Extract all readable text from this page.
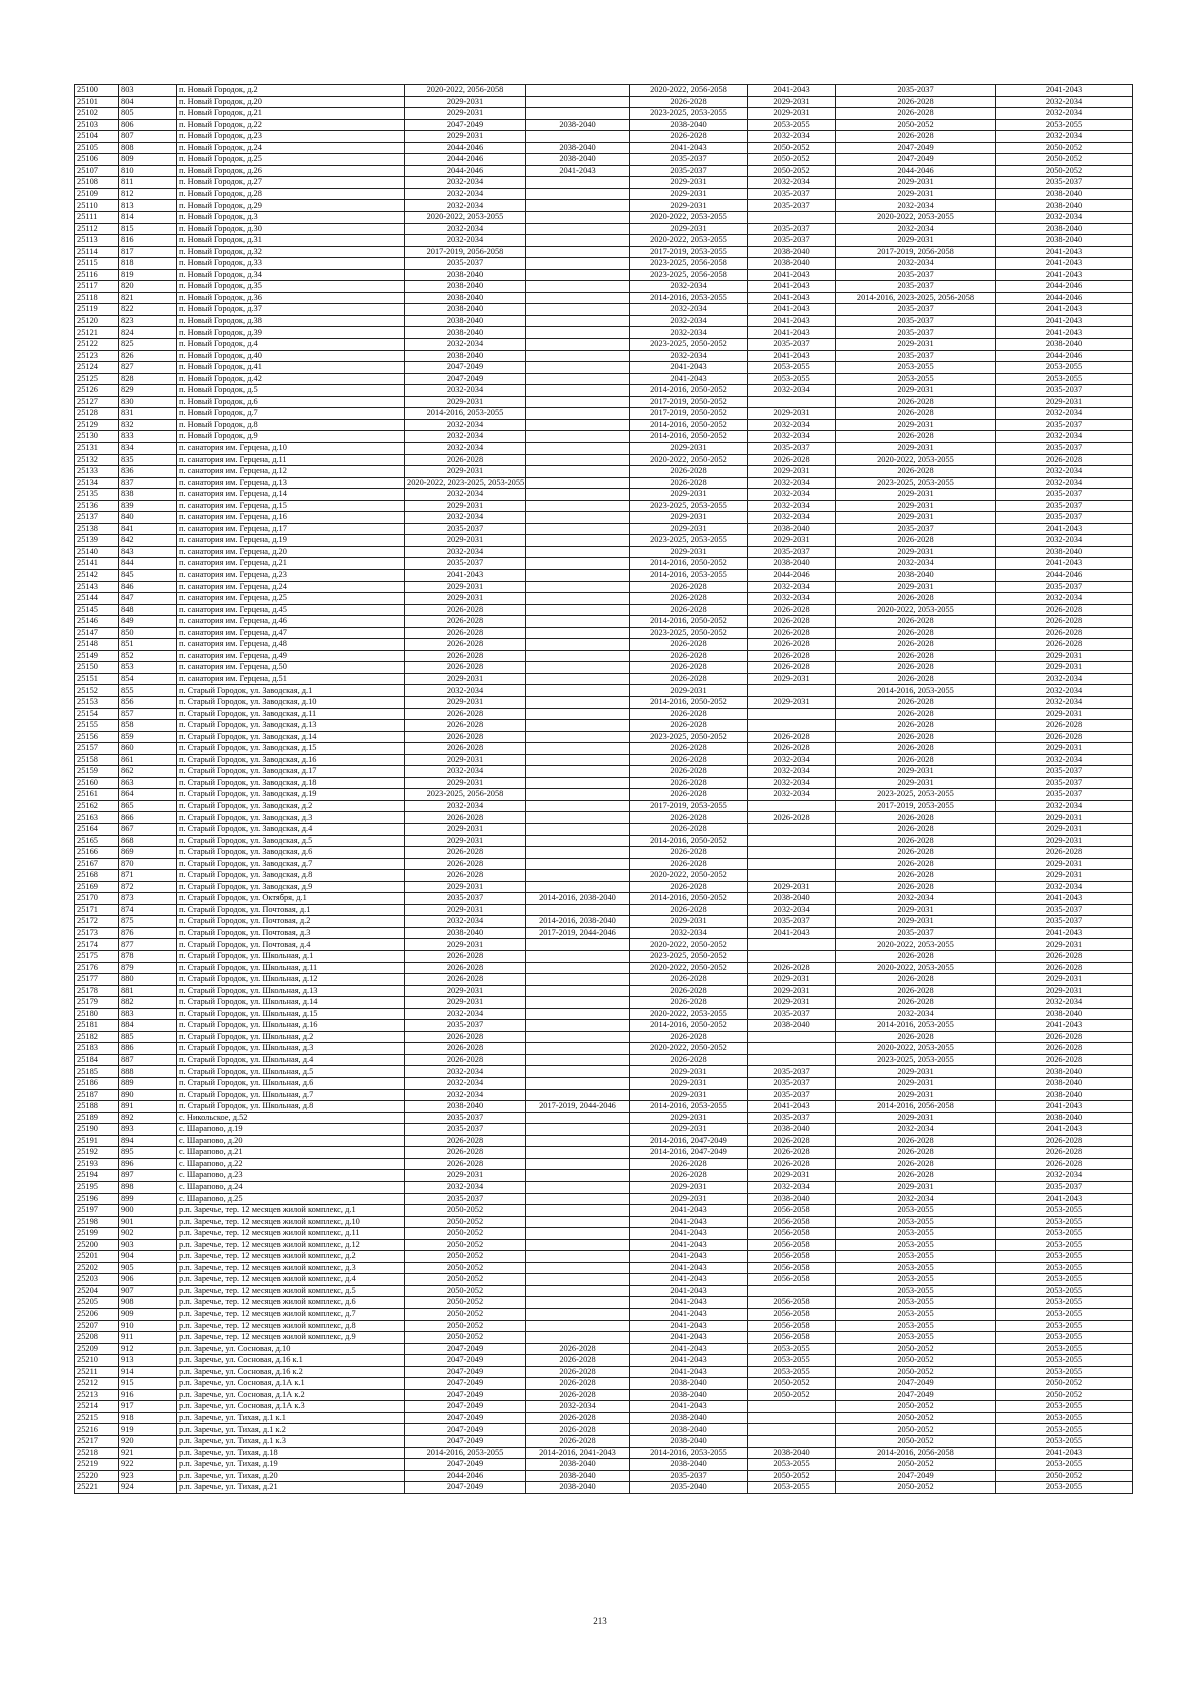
25100	803	п. Новый Городок, д.2	2020-2022, 2056-2058		2020-2022, 2056-2058	2041-2043	2035-2037	2041-2043
25101	804	п. Новый Городок, д.20	2029-2031		2026-2028	2029-2031	2026-2028	2032-2034
25102	805	п. Новый Городок, д.21	2029-2031		2023-2025, 2053-2055	2029-2031	2026-2028	2032-2034
25103	806	п. Новый Городок, д.22	2047-2049	2038-2040	2038-2040	2053-2055	2050-2052	2053-2055
25104	807	п. Новый Городок, д.23	2029-2031		2026-2028	2032-2034	2026-2028	2032-2034
25105	808	п. Новый Городок, д.24	2044-2046	2038-2040	2041-2043	2050-2052	2047-2049	2050-2052
25106	809	п. Новый Городок, д.25	2044-2046	2038-2040	2035-2037	2050-2052	2047-2049	2050-2052
25107	810	п. Новый Городок, д.26	2044-2046	2041-2043	2035-2037	2050-2052	2044-2046	2050-2052
25108	811	п. Новый Городок, д.27	2032-2034		2029-2031	2032-2034	2029-2031	2035-2037
25109	812	п. Новый Городок, д.28	2032-2034		2029-2031	2035-2037	2029-2031	2038-2040
25110	813	п. Новый Городок, д.29	2032-2034		2029-2031	2035-2037	2032-2034	2038-2040
25111	814	п. Новый Городок, д.3	2020-2022, 2053-2055		2020-2022, 2053-2055		2020-2022, 2053-2055	2032-2034
25112	815	п. Новый Городок, д.30	2032-2034		2029-2031	2035-2037	2032-2034	2038-2040
25113	816	п. Новый Городок, д.31	2032-2034		2020-2022, 2053-2055	2035-2037	2029-2031	2038-2040
25114	817	п. Новый Городок, д.32	2017-2019, 2056-2058		2017-2019, 2053-2055	2038-2040	2017-2019, 2056-2058	2041-2043
25115	818	п. Новый Городок, д.33	2035-2037		2023-2025, 2056-2058	2038-2040	2032-2034	2041-2043
25116	819	п. Новый Городок, д.34	2038-2040		2023-2025, 2056-2058	2041-2043	2035-2037	2041-2043
25117	820	п. Новый Городок, д.35	2038-2040		2032-2034	2041-2043	2035-2037	2044-2046
25118	821	п. Новый Городок, д.36	2038-2040		2014-2016, 2053-2055	2041-2043	2014-2016, 2023-2025, 2056-2058	2044-2046
25119	822	п. Новый Городок, д.37	2038-2040		2032-2034	2041-2043	2035-2037	2041-2043
25120	823	п. Новый Городок, д.38	2038-2040		2032-2034	2041-2043	2035-2037	2041-2043
25121	824	п. Новый Городок, д.39	2038-2040		2032-2034	2041-2043	2035-2037	2041-2043
25122	825	п. Новый Городок, д.4	2032-2034		2023-2025, 2050-2052	2035-2037	2029-2031	2038-2040
25123	826	п. Новый Городок, д.40	2038-2040		2032-2034	2041-2043	2035-2037	2044-2046
25124	827	п. Новый Городок, д.41	2047-2049		2041-2043	2053-2055	2053-2055	2053-2055
25125	828	п. Новый Городок, д.42	2047-2049		2041-2043	2053-2055	2053-2055	2053-2055
25126	829	п. Новый Городок, д.5	2032-2034		2014-2016, 2050-2052	2032-2034	2029-2031	2035-2037
25127	830	п. Новый Городок, д.6	2029-2031		2017-2019, 2050-2052		2026-2028	2029-2031
25128	831	п. Новый Городок, д.7	2014-2016, 2053-2055		2017-2019, 2050-2052	2029-2031	2026-2028	2032-2034
25129	832	п. Новый Городок, д.8	2032-2034		2014-2016, 2050-2052	2032-2034	2029-2031	2035-2037
25130	833	п. Новый Городок, д.9	2032-2034		2014-2016, 2050-2052	2032-2034	2026-2028	2032-2034
25131	834	п. санатория им. Герцена, д.10	2032-2034		2029-2031	2035-2037	2029-2031	2035-2037
25132	835	п. санатория им. Герцена, д.11	2026-2028		2020-2022, 2050-2052	2026-2028	2020-2022, 2053-2055	2026-2028
25133	836	п. санатория им. Герцена, д.12	2029-2031		2026-2028	2029-2031	2026-2028	2032-2034
25134	837	п. санатория им. Герцена, д.13	2020-2022, 2023-2025, 2053-2055		2026-2028	2032-2034	2023-2025, 2053-2055	2032-2034
25135	838	п. санатория им. Герцена, д.14	2032-2034		2029-2031	2032-2034	2029-2031	2035-2037
25136	839	п. санатория им. Герцена, д.15	2029-2031		2023-2025, 2053-2055	2032-2034	2029-2031	2035-2037
25137	840	п. санатория им. Герцена, д.16	2032-2034		2029-2031	2032-2034	2029-2031	2035-2037
25138	841	п. санатория им. Герцена, д.17	2035-2037		2029-2031	2038-2040	2035-2037	2041-2043
25139	842	п. санатория им. Герцена, д.19	2029-2031		2023-2025, 2053-2055	2029-2031	2026-2028	2032-2034
25140	843	п. санатория им. Герцена, д.20	2032-2034		2029-2031	2035-2037	2029-2031	2038-2040
25141	844	п. санатория им. Герцена, д.21	2035-2037		2014-2016, 2050-2052	2038-2040	2032-2034	2041-2043
25142	845	п. санатория им. Герцена, д.23	2041-2043		2014-2016, 2053-2055	2044-2046	2038-2040	2044-2046
25143	846	п. санатория им. Герцена, д.24	2029-2031		2026-2028	2032-2034	2029-2031	2035-2037
25144	847	п. санатория им. Герцена, д.25	2029-2031		2026-2028	2032-2034	2026-2028	2032-2034
25145	848	п. санатория им. Герцена, д.45	2026-2028		2026-2028	2026-2028	2020-2022, 2053-2055	2026-2028
25146	849	п. санатория им. Герцена, д.46	2026-2028		2014-2016, 2050-2052	2026-2028	2026-2028	2026-2028
25147	850	п. санатория им. Герцена, д.47	2026-2028		2023-2025, 2050-2052	2026-2028	2026-2028	2026-2028
25148	851	п. санатория им. Герцена, д.48	2026-2028		2026-2028	2026-2028	2026-2028	2026-2028
25149	852	п. санатория им. Герцена, д.49	2026-2028		2026-2028	2026-2028	2026-2028	2029-2031
25150	853	п. санатория им. Герцена, д.50	2026-2028		2026-2028	2026-2028	2026-2028	2029-2031
25151	854	п. санатория им. Герцена, д.51	2029-2031		2026-2028	2029-2031	2026-2028	2032-2034
25152	855	п. Старый Городок, ул. Заводская, д.1	2032-2034		2029-2031		2014-2016, 2053-2055	2032-2034
25153	856	п. Старый Городок, ул. Заводская, д.10	2029-2031		2014-2016, 2050-2052	2029-2031	2026-2028	2032-2034
25154	857	п. Старый Городок, ул. Заводская, д.11	2026-2028		2026-2028		2026-2028	2029-2031
25155	858	п. Старый Городок, ул. Заводская, д.13	2026-2028		2026-2028		2026-2028	2026-2028
25156	859	п. Старый Городок, ул. Заводская, д.14	2026-2028		2023-2025, 2050-2052	2026-2028	2026-2028	2026-2028
25157	860	п. Старый Городок, ул. Заводская, д.15	2026-2028		2026-2028	2026-2028	2026-2028	2029-2031
25158	861	п. Старый Городок, ул. Заводская, д.16	2029-2031		2026-2028	2032-2034	2026-2028	2032-2034
25159	862	п. Старый Городок, ул. Заводская, д.17	2032-2034		2026-2028	2032-2034	2029-2031	2035-2037
25160	863	п. Старый Городок, ул. Заводская, д.18	2029-2031		2026-2028	2032-2034	2029-2031	2035-2037
25161	864	п. Старый Городок, ул. Заводская, д.19	2023-2025, 2056-2058		2026-2028	2032-2034	2023-2025, 2053-2055	2035-2037
25162	865	п. Старый Городок, ул. Заводская, д.2	2032-2034		2017-2019, 2053-2055		2017-2019, 2053-2055	2032-2034
25163	866	п. Старый Городок, ул. Заводская, д.3	2026-2028		2026-2028	2026-2028	2026-2028	2029-2031
25164	867	п. Старый Городок, ул. Заводская, д.4	2029-2031		2026-2028		2026-2028	2029-2031
25165	868	п. Старый Городок, ул. Заводская, д.5	2029-2031		2014-2016, 2050-2052		2026-2028	2029-2031
25166	869	п. Старый Городок, ул. Заводская, д.6	2026-2028		2026-2028		2026-2028	2026-2028
25167	870	п. Старый Городок, ул. Заводская, д.7	2026-2028		2026-2028		2026-2028	2029-2031
25168	871	п. Старый Городок, ул. Заводская, д.8	2026-2028		2020-2022, 2050-2052		2026-2028	2029-2031
25169	872	п. Старый Городок, ул. Заводская, д.9	2029-2031		2026-2028	2029-2031	2026-2028	2032-2034
25170	873	п. Старый Городок, ул. Октября, д.1	2035-2037	2014-2016, 2038-2040	2014-2016, 2050-2052	2038-2040	2032-2034	2041-2043
25171	874	п. Старый Городок, ул. Почтовая, д.1	2029-2031		2026-2028	2032-2034	2029-2031	2035-2037
25172	875	п. Старый Городок, ул. Почтовая, д.2	2032-2034	2014-2016, 2038-2040	2029-2031	2035-2037	2029-2031	2035-2037
25173	876	п. Старый Городок, ул. Почтовая, д.3	2038-2040	2017-2019, 2044-2046	2032-2034	2041-2043	2035-2037	2041-2043
25174	877	п. Старый Городок, ул. Почтовая, д.4	2029-2031		2020-2022, 2050-2052		2020-2022, 2053-2055	2029-2031
25175	878	п. Старый Городок, ул. Школьная, д.1	2026-2028		2023-2025, 2050-2052		2026-2028	2026-2028
25176	879	п. Старый Городок, ул. Школьная, д.11	2026-2028		2020-2022, 2050-2052	2026-2028	2020-2022, 2053-2055	2026-2028
25177	880	п. Старый Городок, ул. Школьная, д.12	2026-2028		2026-2028	2029-2031	2026-2028	2029-2031
25178	881	п. Старый Городок, ул. Школьная, д.13	2029-2031		2026-2028	2029-2031	2026-2028	2029-2031
25179	882	п. Старый Городок, ул. Школьная, д.14	2029-2031		2026-2028	2029-2031	2026-2028	2032-2034
25180	883	п. Старый Городок, ул. Школьная, д.15	2032-2034		2020-2022, 2053-2055	2035-2037	2032-2034	2038-2040
25181	884	п. Старый Городок, ул. Школьная, д.16	2035-2037		2014-2016, 2050-2052	2038-2040	2014-2016, 2053-2055	2041-2043
25182	885	п. Старый Городок, ул. Школьная, д.2	2026-2028		2026-2028		2026-2028	2026-2028
25183	886	п. Старый Городок, ул. Школьная, д.3	2026-2028		2020-2022, 2050-2052		2020-2022, 2053-2055	2026-2028
25184	887	п. Старый Городок, ул. Школьная, д.4	2026-2028		2026-2028		2023-2025, 2053-2055	2026-2028
25185	888	п. Старый Городок, ул. Школьная, д.5	2032-2034		2029-2031	2035-2037	2029-2031	2038-2040
25186	889	п. Старый Городок, ул. Школьная, д.6	2032-2034		2029-2031	2035-2037	2029-2031	2038-2040
25187	890	п. Старый Городок, ул. Школьная, д.7	2032-2034		2029-2031	2035-2037	2029-2031	2038-2040
25188	891	п. Старый Городок, ул. Школьная, д.8	2038-2040	2017-2019, 2044-2046	2014-2016, 2053-2055	2041-2043	2014-2016, 2056-2058	2041-2043
25189	892	с. Никольское, д.52	2035-2037		2029-2031	2035-2037	2029-2031	2038-2040
25190	893	с. Шарапово, д.19	2035-2037		2029-2031	2038-2040	2032-2034	2041-2043
25191	894	с. Шарапово, д.20	2026-2028		2014-2016, 2047-2049	2026-2028	2026-2028	2026-2028
25192	895	с. Шарапово, д.21	2026-2028		2014-2016, 2047-2049	2026-2028	2026-2028	2026-2028
25193	896	с. Шарапово, д.22	2026-2028		2026-2028	2026-2028	2026-2028	2026-2028
25194	897	с. Шарапово, д.23	2029-2031		2026-2028	2029-2031	2026-2028	2032-2034
25195	898	с. Шарапово, д.24	2032-2034		2029-2031	2032-2034	2029-2031	2035-2037
25196	899	с. Шарапово, д.25	2035-2037		2029-2031	2038-2040	2032-2034	2041-2043
25197	900	р.п. Заречье, тер. 12 месяцев жилой комплекс, д.1	2050-2052		2041-2043	2056-2058	2053-2055	2053-2055
25198	901	р.п. Заречье, тер. 12 месяцев жилой комплекс, д.10	2050-2052		2041-2043	2056-2058	2053-2055	2053-2055
25199	902	р.п. Заречье, тер. 12 месяцев жилой комплекс, д.11	2050-2052		2041-2043	2056-2058	2053-2055	2053-2055
25200	903	р.п. Заречье, тер. 12 месяцев жилой комплекс, д.12	2050-2052		2041-2043	2056-2058	2053-2055	2053-2055
25201	904	р.п. Заречье, тер. 12 месяцев жилой комплекс, д.2	2050-2052		2041-2043	2056-2058	2053-2055	2053-2055
25202	905	р.п. Заречье, тер. 12 месяцев жилой комплекс, д.3	2050-2052		2041-2043	2056-2058	2053-2055	2053-2055
25203	906	р.п. Заречье, тер. 12 месяцев жилой комплекс, д.4	2050-2052		2041-2043	2056-2058	2053-2055	2053-2055
25204	907	р.п. Заречье, тер. 12 месяцев жилой комплекс, д.5	2050-2052		2041-2043		2053-2055	2053-2055
25205	908	р.п. Заречье, тер. 12 месяцев жилой комплекс, д.6	2050-2052		2041-2043	2056-2058	2053-2055	2053-2055
25206	909	р.п. Заречье, тер. 12 месяцев жилой комплекс, д.7	2050-2052		2041-2043	2056-2058	2053-2055	2053-2055
25207	910	р.п. Заречье, тер. 12 месяцев жилой комплекс, д.8	2050-2052		2041-2043	2056-2058	2053-2055	2053-2055
25208	911	р.п. Заречье, тер. 12 месяцев жилой комплекс, д.9	2050-2052		2041-2043	2056-2058	2053-2055	2053-2055
25209	912	р.п. Заречье, ул. Сосновая, д.10	2047-2049	2026-2028	2041-2043	2053-2055	2050-2052	2053-2055
25210	913	р.п. Заречье, ул. Сосновая, д.16 к.1	2047-2049	2026-2028	2041-2043	2053-2055	2050-2052	2053-2055
25211	914	р.п. Заречье, ул. Сосновая, д.16 к.2	2047-2049	2026-2028	2041-2043	2053-2055	2050-2052	2053-2055
25212	915	р.п. Заречье, ул. Сосновая, д.1А к.1	2047-2049	2026-2028	2038-2040	2050-2052	2047-2049	2050-2052
25213	916	р.п. Заречье, ул. Сосновая, д.1А к.2	2047-2049	2026-2028	2038-2040	2050-2052	2047-2049	2050-2052
25214	917	р.п. Заречье, ул. Сосновая, д.1А к.3	2047-2049	2032-2034	2041-2043		2050-2052	2053-2055
25215	918	р.п. Заречье, ул. Тихая, д.1 к.1	2047-2049	2026-2028	2038-2040		2050-2052	2053-2055
25216	919	р.п. Заречье, ул. Тихая, д.1 к.2	2047-2049	2026-2028	2038-2040		2050-2052	2053-2055
25217	920	р.п. Заречье, ул. Тихая, д.1 к.3	2047-2049	2026-2028	2038-2040		2050-2052	2053-2055
25218	921	р.п. Заречье, ул. Тихая, д.18	2014-2016, 2053-2055	2014-2016, 2041-2043	2014-2016, 2053-2055	2038-2040	2014-2016, 2056-2058	2041-2043
25219	922	р.п. Заречье, ул. Тихая, д.19	2047-2049	2038-2040	2038-2040	2053-2055	2050-2052	2053-2055
25220	923	р.п. Заречье, ул. Тихая, д.20	2044-2046	2038-2040	2035-2037	2050-2052	2047-2049	2050-2052
25221	924	р.п. Заречье, ул. Тихая, д.21	2047-2049	2038-2040	2035-2040	2053-2055	2050-2052	2053-2055
213
